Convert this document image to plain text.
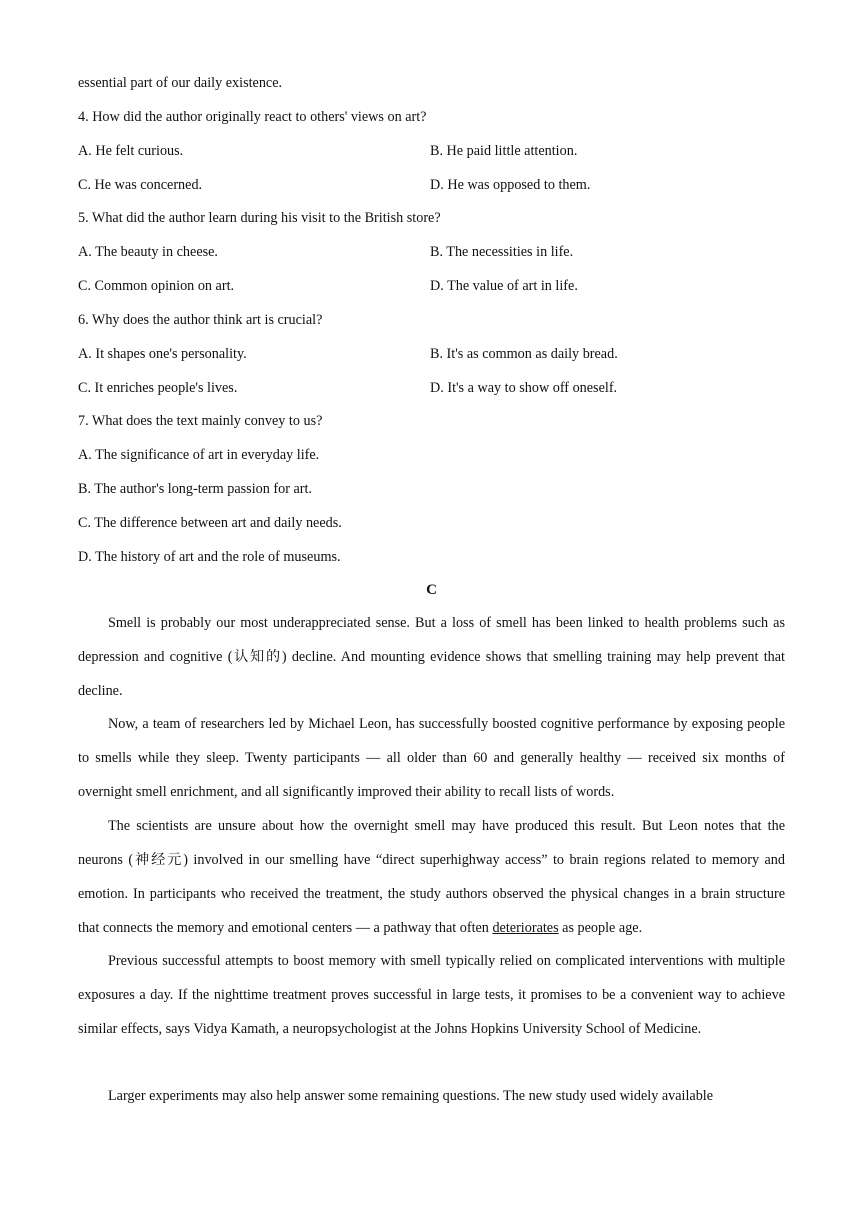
essential part of our daily existence.
4. How did the author originally react to others' views on art?
A. He felt curious.	B. He paid little attention.
C. He was concerned.	D. He was opposed to them.
5. What did the author learn during his visit to the British store?
A. The beauty in cheese.	B. The necessities in life.
C. Common opinion on art.	D. The value of art in life.
6. Why does the author think art is crucial?
A. It shapes one's personality.	B. It's as common as daily bread.
C. It enriches people's lives.	D. It's a way to show off oneself.
7. What does the text mainly convey to us?
A. The significance of art in everyday life.
B. The author's long-term passion for art.
C. The difference between art and daily needs.
D. The history of art and the role of museums.
C
Smell is probably our most underappreciated sense. But a loss of smell has been linked to health problems such as depression and cognitive (认知的) decline. And mounting evidence shows that smelling training may help prevent that decline.
Now, a team of researchers led by Michael Leon, has successfully boosted cognitive performance by exposing people to smells while they sleep. Twenty participants — all older than 60 and generally healthy — received six months of overnight smell enrichment, and all significantly improved their ability to recall lists of words.
The scientists are unsure about how the overnight smell may have produced this result. But Leon notes that the neurons (神经元) involved in our smelling have “direct superhighway access” to brain regions related to memory and emotion. In participants who received the treatment, the study authors observed the physical changes in a brain structure that connects the memory and emotional centers — a pathway that often deteriorates as people age.
Previous successful attempts to boost memory with smell typically relied on complicated interventions with multiple exposures a day. If the nighttime treatment proves successful in large tests, it promises to be a convenient way to achieve similar effects, says Vidya Kamath, a neuropsychologist at the Johns Hopkins University School of Medicine.
Larger experiments may also help answer some remaining questions. The new study used widely available
